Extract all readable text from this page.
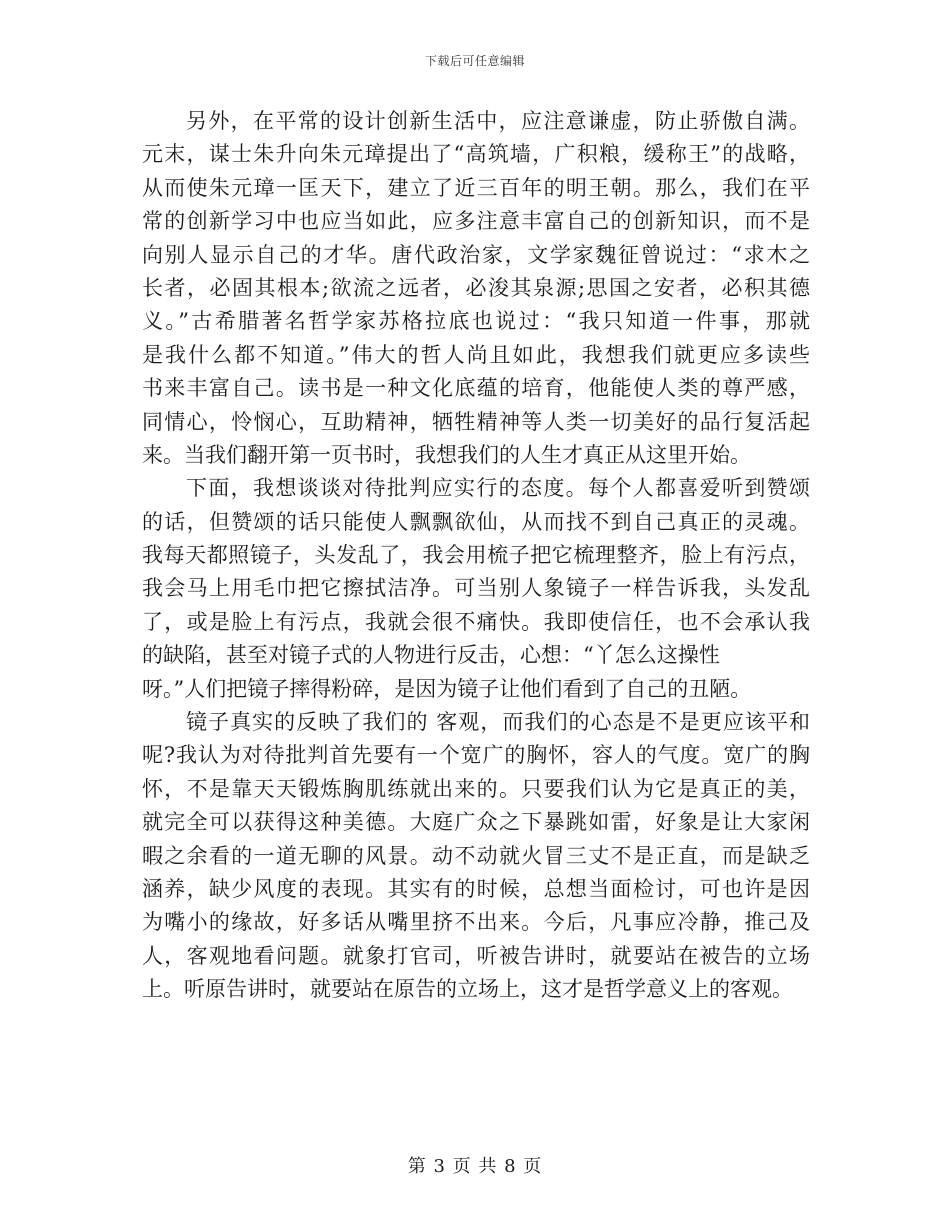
下载后可任意编辑
另外，在平常的设计创新生活中，应注意谦虚，防止骄傲自满。
元末，谋士朱升向朱元璋提出了“高筑墙，广积粮，缓称王”的战略，
从而使朱元璋一匡天下，建立了近三百年的明王朝。那么，我们在平
常的创新学习中也应当如此，应多注意丰富自己的创新知识，而不是
向别人显示自己的才华。唐代政治家，文学家魏征曾说过：“求木之
长者，必固其根本;欲流之远者，必浚其泉源;思国之安者，必积其德
义。”古希腊著名哲学家苏格拉底也说过：“我只知道一件事，那就
是我什么都不知道。”伟大的哲人尚且如此，我想我们就更应多读些
书来丰富自己。读书是一种文化底蕴的培育，他能使人类的尊严感，
同情心，怜悯心，互助精神，牺牲精神等人类一切美好的品行复活起
来。当我们翻开第一页书时，我想我们的人生才真正从这里开始。
下面，我想谈谈对待批判应实行的态度。每个人都喜爱听到赞颂
的话，但赞颂的话只能使人飘飘欲仙，从而找不到自己真正的灵魂。
我每天都照镜子，头发乱了，我会用梳子把它梳理整齐，脸上有污点，
我会马上用毛巾把它擦拭洁净。可当别人象镜子一样告诉我，头发乱
了，或是脸上有污点，我就会很不痛快。我即使信任，也不会承认我
的缺陷，甚至对镜子式的人物进行反击，心想：“丫怎么这操性
呀。”人们把镜子摔得粉碎，是因为镜子让他们看到了自己的丑陋。
镜子真实的反映了我们的 客观，而我们的心态是不是更应该平和
呢?我认为对待批判首先要有一个宽广的胸怀，容人的气度。宽广的胸
怀，不是靠天天锻炼胸肌练就出来的。只要我们认为它是真正的美，
就完全可以获得这种美德。大庭广众之下暴跳如雷，好象是让大家闲
暇之余看的一道无聊的风景。动不动就火冒三丈不是正直，而是缺乏
涵养，缺少风度的表现。其实有的时候，总想当面检讨，可也许是因
为嘴小的缘故，好多话从嘴里挤不出来。今后，凡事应冷静，推己及
人，客观地看问题。就象打官司，听被告讲时，就要站在被告的立场
上。听原告讲时，就要站在原告的立场上，这才是哲学意义上的客观。
第 3 页 共 8 页
